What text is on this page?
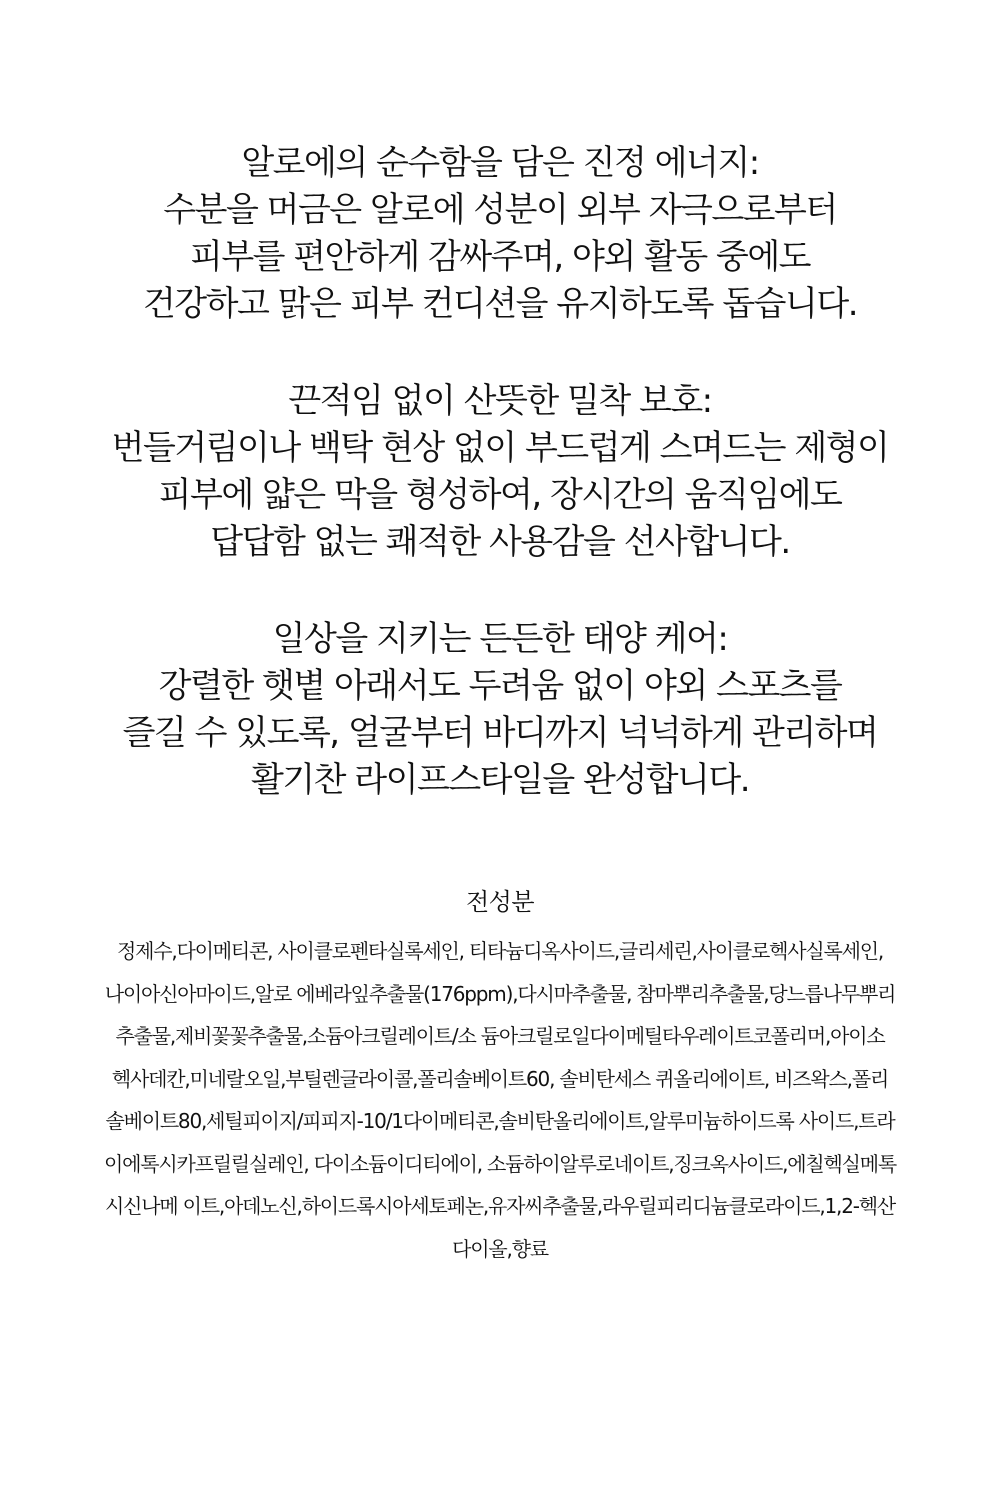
알로에의 순수함을 담은 진정 에너지:
수분을 머금은 알로에 성분이 외부 자극으로부터
피부를 편안하게 감싸주며, 야외 활동 중에도
건강하고 맑은 피부 컨디션을 유지하도록 돕습니다.
끈적임 없이 산뜻한 밀착 보호:
번들거림이나 백탁 현상 없이 부드럽게 스며드는 제형이
피부에 얇은 막을 형성하여, 장시간의 움직임에도
답답함 없는 쾌적한 사용감을 선사합니다.
일상을 지키는 든든한 태양 케어:
강렬한 햇볕 아래서도 두려움 없이 야외 스포츠를
즐길 수 있도록, 얼굴부터 바디까지 넉넉하게 관리하며
활기찬 라이프스타일을 완성합니다.
전성분
정제수,다이메티콘, 사이클로펜타실록세인, 티타늄디옥사이드,글리세린,사이클로헥사실록세인,
나이아신아마이드,알로 에베라잎추출물(176ppm),다시마추출물, 참마뿌리추출물,당느릅나무뿌리
추출물,제비꽃꽃추출물,소듐아크릴레이트/소 듐아크릴로일다이메틸타우레이트코폴리머,아이소
헥사데칸,미네랄오일,부틸렌글라이콜,폴리솔베이트60, 솔비탄세스 퀴올리에이트, 비즈왁스,폴리
솔베이트80,세틸피이지/피피지-10/1다이메티콘,솔비탄올리에이트,알루미늄하이드록 사이드,트라
이에톡시카프릴릴실레인, 다이소듐이디티에이, 소듐하이알루로네이트,징크옥사이드,에칠헥실메톡
시신나메 이트,아데노신,하이드록시아세토페논,유자씨추출물,라우릴피리디늄클로라이드,1,2-헥산
다이올,향료
